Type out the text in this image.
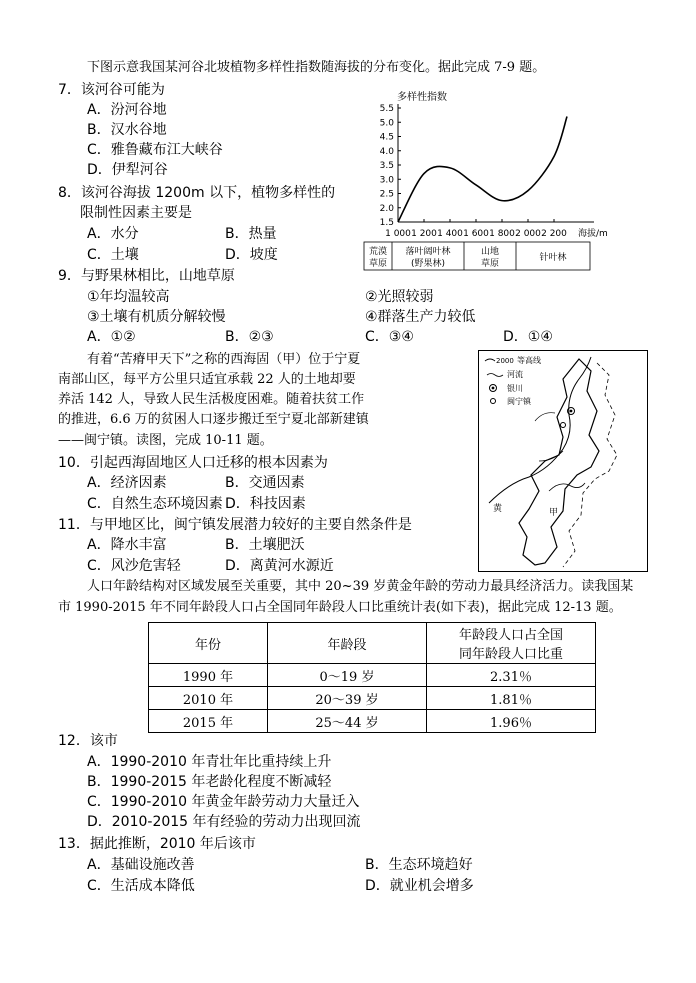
下图示意我国某河谷北坡植物多样性指数随海拔的分布变化。据此完成 7-9 题。
7．该河谷可能为
A．汾河谷地
B．汉水谷地
C．雅鲁藏布江大峡谷
D．伊犁河谷
8．该河谷海拔 1200m 以下，植物多样性的
限制性因素主要是
A．水分	B．热量
C．土壤	D．坡度
多样性指数
1.5
2.0
2.5
3.0
3.5
4.0
4.5
5.0
5.5
1 000 1 200 1 400 1 600 1 800 2 000 2 200 海拔/m
荒漠
草原
落叶阔叶林
(野果林)
山地
草原
针叶林
9．与野果林相比，山地草原
①年均温较高	②光照较弱
③土壤有机质分解较慢	④群落生产力较低
A．①②	B．②③	C．③④	D．①④
有着“苦瘠甲天下”之称的西海固（甲）位于宁夏
南部山区，每平方公里只适宜承载 22 人的土地却要
养活 142 人，导致人民生活极度困难。随着扶贫工作
的推进，6.6 万的贫困人口逐步搬迁至宁夏北部新建镇
——闽宁镇。读图，完成 10-11 题。
2000 等高线
河流
银川
闽宁镇
黄	甲
10．引起西海固地区人口迁移的根本因素为
A．经济因素	B．交通因素
C．自然生态环境因素 D．科技因素
11．与甲地区比，闽宁镇发展潜力较好的主要自然条件是
A．降水丰富	B．土壤肥沃
C．风沙危害轻	D．离黄河水源近
人口年龄结构对区域发展至关重要，其中 20~39 岁黄金年龄的劳动力最具经济活力。读我国某
市 1990-2015 年不同年龄段人口占全国同年龄段人口比重统计表(如下表)，据此完成 12-13 题。
年份	年龄段	年龄段人口占全国
同年龄段人口比重

1990 年	0～19 岁	2.31％
2010 年	20～39 岁	1.81％
2015 年	25～44 岁	1.96％
12．该市
A．1990-2010 年青壮年比重持续上升
B．1990-2015 年老龄化程度不断减轻
C．1990-2010 年黄金年龄劳动力大量迁入
D．2010-2015 年有经验的劳动力出现回流
13．据此推断，2010 年后该市
A．基础设施改善	B．生态环境趋好
C．生活成本降低	D．就业机会增多
